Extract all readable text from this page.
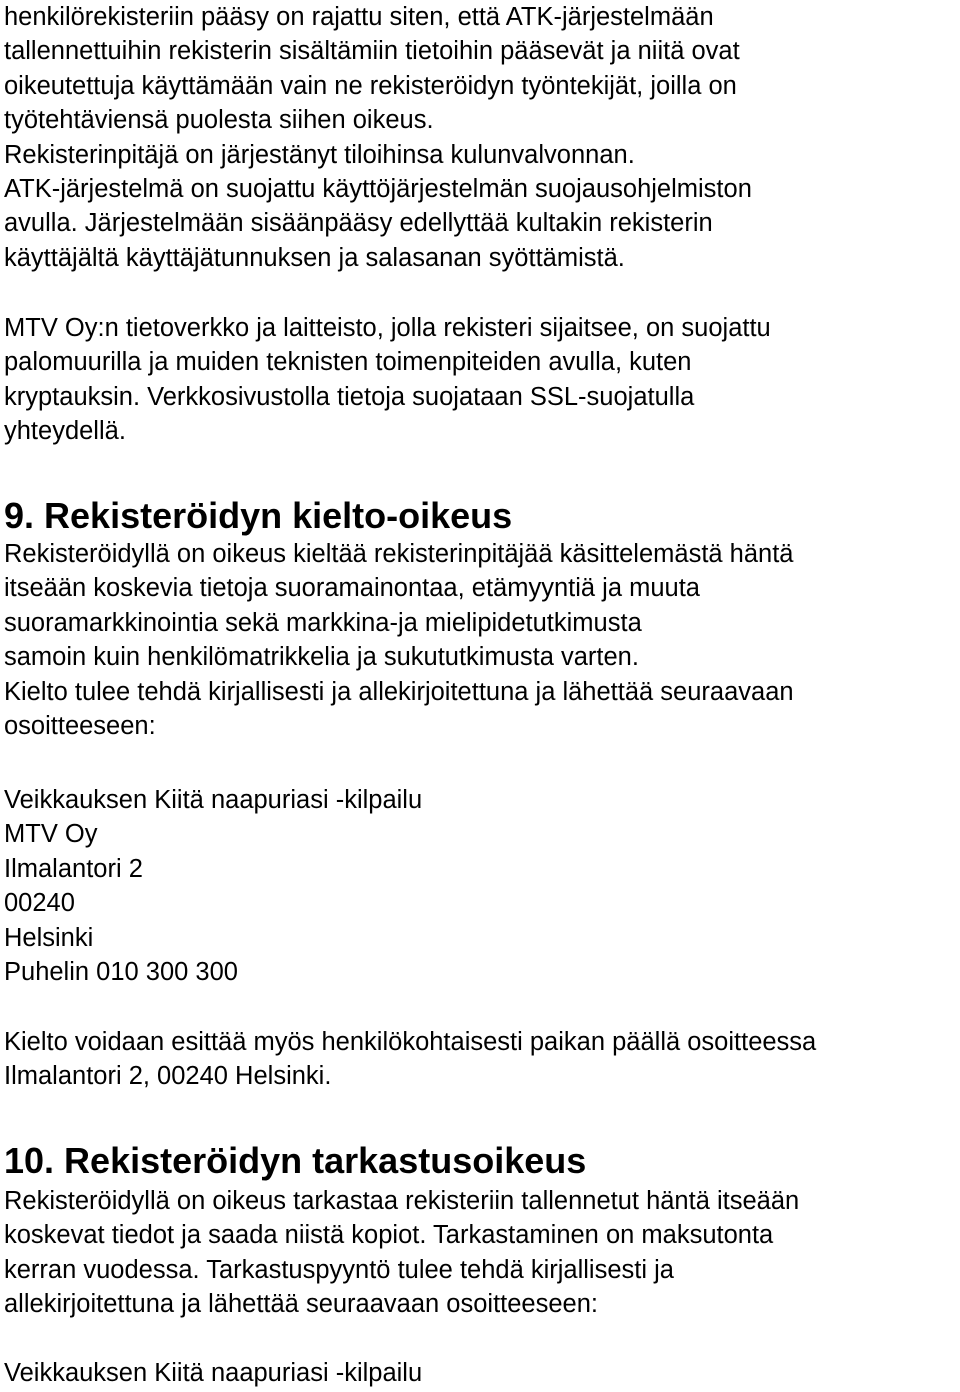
henkilörekisteriin pääsy on rajattu siten, että ATK-järjestelmään
tallennettuihin rekisterin sisältämiin tietoihin pääsevät ja niitä ovat
oikeutettuja käyttämään vain ne rekisteröidyn työntekijät, joilla on
työtehtäviensä puolesta siihen oikeus.
Rekisterinpitäjä on järjestänyt tiloihinsa kulunvalvonnan.
ATK-järjestelmä on suojattu käyttöjärjestelmän suojausohjelmiston
avulla. Järjestelmään sisäänpääsy edellyttää kultakin rekisterin
käyttäjältä käyttäjätunnuksen ja salasanan syöttämistä.
MTV Oy:n tietoverkko ja laitteisto, jolla rekisteri sijaitsee, on suojattu
palomuurilla ja muiden teknisten toimenpiteiden avulla, kuten
kryptauksin. Verkkosivustolla tietoja suojataan SSL-suojatulla
yhteydellä.
9. Rekisteröidyn kielto-oikeus
Rekisteröidyllä on oikeus kieltää rekisterinpitäjää käsittelemästä häntä
itseään koskevia tietoja suoramainontaa, etämyyntiä ja muuta
suoramarkkinointia sekä markkina-ja mielipidetutkimusta
samoin kuin henkilömatrikkelia ja sukututkimusta varten.
Kielto tulee tehdä kirjallisesti ja allekirjoitettuna ja lähettää seuraavaan
osoitteeseen:
Veikkauksen Kiitä naapuriasi -kilpailu
MTV Oy
Ilmalantori 2
00240
Helsinki
Puhelin 010 300 300
Kielto voidaan esittää myös henkilökohtaisesti paikan päällä osoitteessa
Ilmalantori 2, 00240 Helsinki.
10. Rekisteröidyn tarkastusoikeus
Rekisteröidyllä on oikeus tarkastaa rekisteriin tallennetut häntä itseään
koskevat tiedot ja saada niistä kopiot. Tarkastaminen on maksutonta
kerran vuodessa. Tarkastuspyyntö tulee tehdä kirjallisesti ja
allekirjoitettuna ja lähettää seuraavaan osoitteeseen:
Veikkauksen Kiitä naapuriasi -kilpailu
